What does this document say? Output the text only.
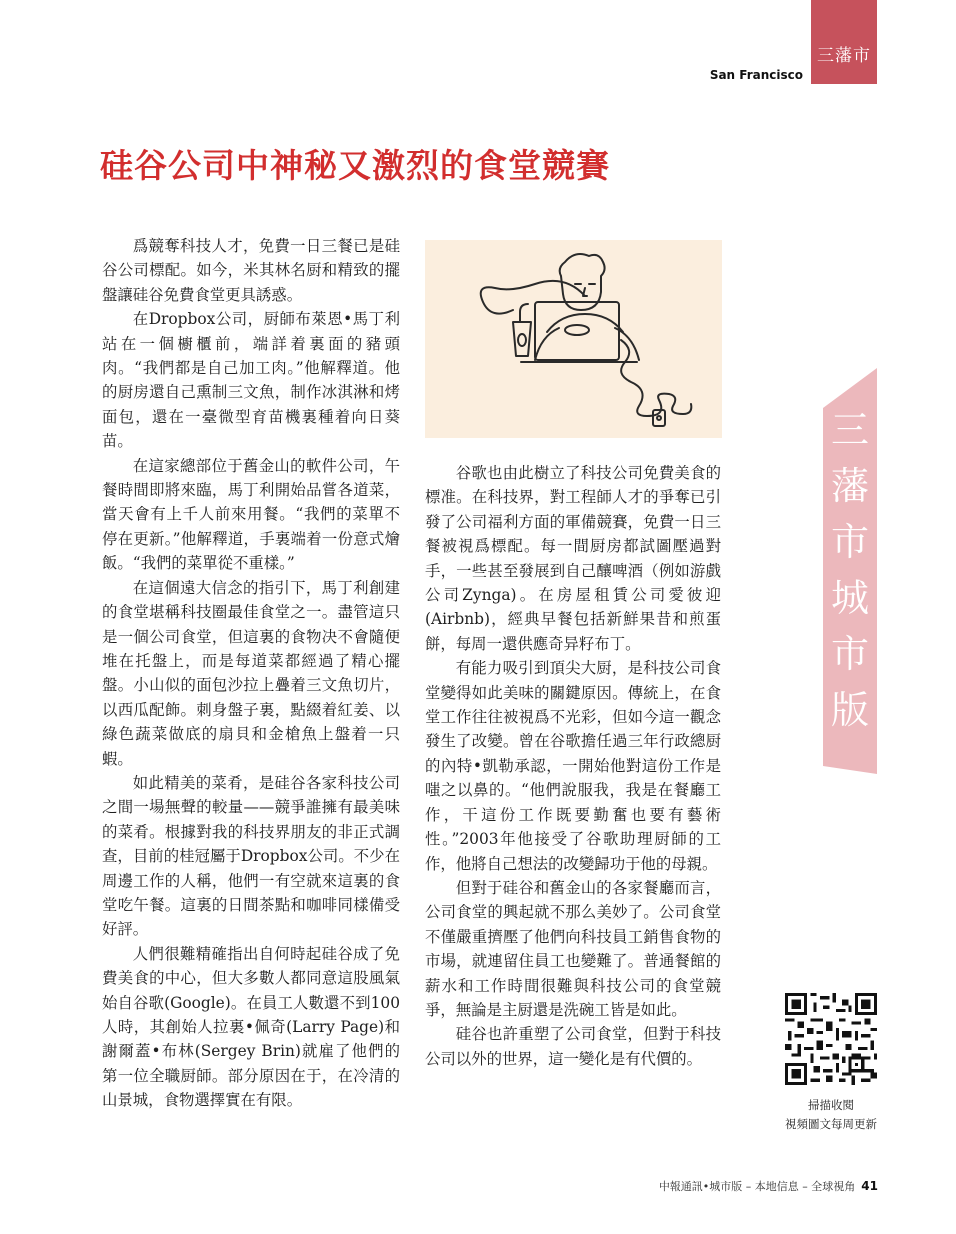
三藩市
San Francisco
三
藩
市
城
市
版
硅谷公司中神秘又激烈的食堂競賽

爲競奪科技人才，免費一日三餐已是硅谷公司標配。如今，米其林名厨和精致的擺盤讓硅谷免費食堂更具誘惑。

在Dropbox公司，厨師布萊恩•馬丁利站在一個櫥櫃前，端詳着裏面的豬頭肉。“我們都是自己加工肉。”他解釋道。他的厨房還自己熏制三文魚，制作冰淇淋和烤面包，還在一臺微型育苗機裏種着向日葵苗。

在這家總部位于舊金山的軟件公司，午餐時間即將來臨，馬丁利開始品嘗各道菜，當天會有上千人前來用餐。“我們的菜單不停在更新。”他解釋道，手裏端着一份意式燴飯。“我們的菜單從不重樣。”

在這個遠大信念的指引下，馬丁利創建的食堂堪稱科技圈最佳食堂之一。盡管這只是一個公司食堂，但這裏的食物决不會隨便堆在托盤上，而是每道菜都經過了精心擺盤。小山似的面包沙拉上疊着三文魚切片，以西瓜配飾。刺身盤子裏，點綴着紅姜、以綠色蔬菜做底的扇貝和金槍魚上盤着一只蝦。

如此精美的菜肴，是硅谷各家科技公司之間一場無聲的較量——競爭誰擁有最美味的菜肴。根據對我的科技界朋友的非正式調查，目前的桂冠屬于Dropbox公司。不少在周邊工作的人稱，他們一有空就來這裏的食堂吃午餐。這裏的日間茶點和咖啡同樣備受好評。

人們很難精確指出自何時起硅谷成了免費美食的中心，但大多數人都同意這股風氣始自谷歌(Google)。在員工人數還不到100人時，其創始人拉裏•佩奇(Larry Page)和謝爾蓋•布林(Sergey Brin)就雇了他們的第一位全職厨師。部分原因在于，在冷清的山景城，食物選擇實在有限。

谷歌也由此樹立了科技公司免費美食的標准。在科技界，對工程師人才的爭奪已引發了公司福利方面的軍備競賽，免費一日三餐被視爲標配。每一間厨房都試圖壓過對手，一些甚至發展到自己釀啤酒（例如游戲公司Zynga)。在房屋租賃公司愛彼迎(Airbnb)，經典早餐包括新鮮果昔和煎蛋餅，每周一還供應奇异籽布丁。

有能力吸引到頂尖大厨，是科技公司食堂變得如此美味的關鍵原因。傳統上，在食堂工作往往被視爲不光彩，但如今這一觀念發生了改變。曾在谷歌擔任過三年行政總厨的內特•凱勒承認，一開始他對這份工作是嗤之以鼻的。“他們說服我，我是在餐廳工作，干這份工作既要勤奮也要有藝術性。”2003年他接受了谷歌助理厨師的工作，他將自己想法的改變歸功于他的母親。

但對于硅谷和舊金山的各家餐廳而言，公司食堂的興起就不那么美妙了。公司食堂不僅嚴重擠壓了他們向科技員工銷售食物的市場，就連留住員工也變難了。普通餐館的薪水和工作時間很難與科技公司的食堂競爭，無論是主厨還是洗碗工皆是如此。

硅谷也許重塑了公司食堂，但對于科技公司以外的世界，這一變化是有代價的。

掃描收閱
視頻圖文每周更新
中報通訊•城市版 – 本地信息 – 全球視角 41
